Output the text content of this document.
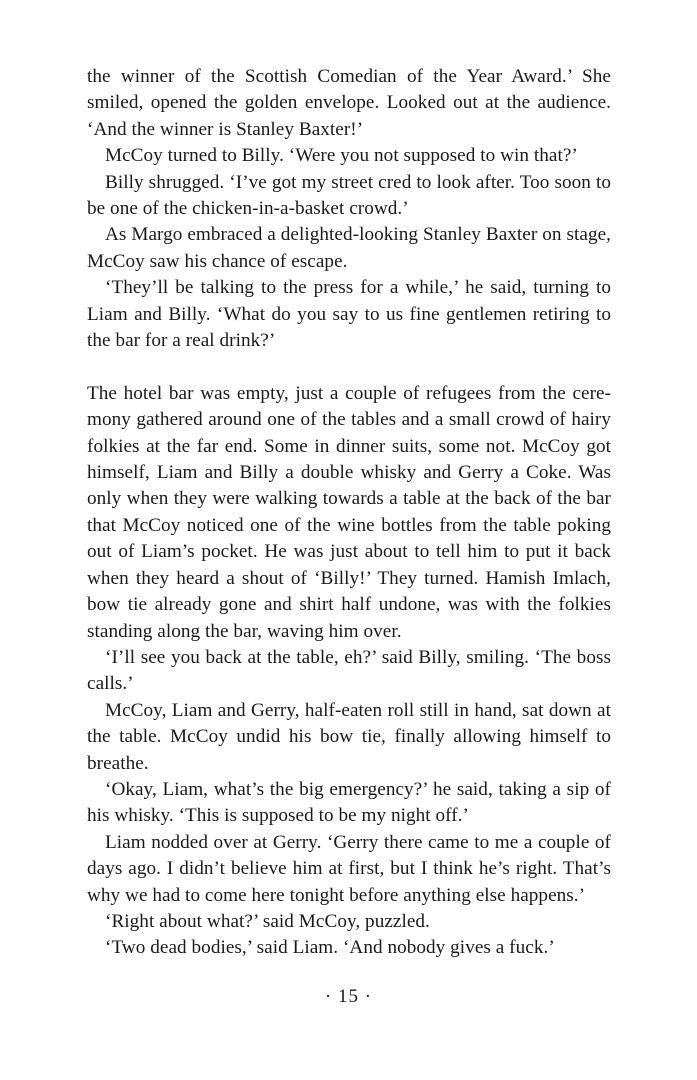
the winner of the Scottish Comedian of the Year Award.’ She smiled, opened the golden envelope. Looked out at the audience. ‘And the winner is Stanley Baxter!’

McCoy turned to Billy. ‘Were you not supposed to win that?’

Billy shrugged. ‘I’ve got my street cred to look after. Too soon to be one of the chicken-in-a-basket crowd.’

As Margo embraced a delighted-looking Stanley Baxter on stage, McCoy saw his chance of escape.

‘They’ll be talking to the press for a while,’ he said, turning to Liam and Billy. ‘What do you say to us fine gentlemen retiring to the bar for a real drink?’

The hotel bar was empty, just a couple of refugees from the ceremony gathered around one of the tables and a small crowd of hairy folkies at the far end. Some in dinner suits, some not. McCoy got himself, Liam and Billy a double whisky and Gerry a Coke. Was only when they were walking towards a table at the back of the bar that McCoy noticed one of the wine bottles from the table poking out of Liam’s pocket. He was just about to tell him to put it back when they heard a shout of ‘Billy!’ They turned. Hamish Imlach, bow tie already gone and shirt half undone, was with the folkies standing along the bar, waving him over.

‘I’ll see you back at the table, eh?’ said Billy, smiling. ‘The boss calls.’

McCoy, Liam and Gerry, half-eaten roll still in hand, sat down at the table. McCoy undid his bow tie, finally allowing himself to breathe.

‘Okay, Liam, what’s the big emergency?’ he said, taking a sip of his whisky. ‘This is supposed to be my night off.’

Liam nodded over at Gerry. ‘Gerry there came to me a couple of days ago. I didn’t believe him at first, but I think he’s right. That’s why we had to come here tonight before anything else happens.’

‘Right about what?’ said McCoy, puzzled.

‘Two dead bodies,’ said Liam. ‘And nobody gives a fuck.’

· 15 ·
